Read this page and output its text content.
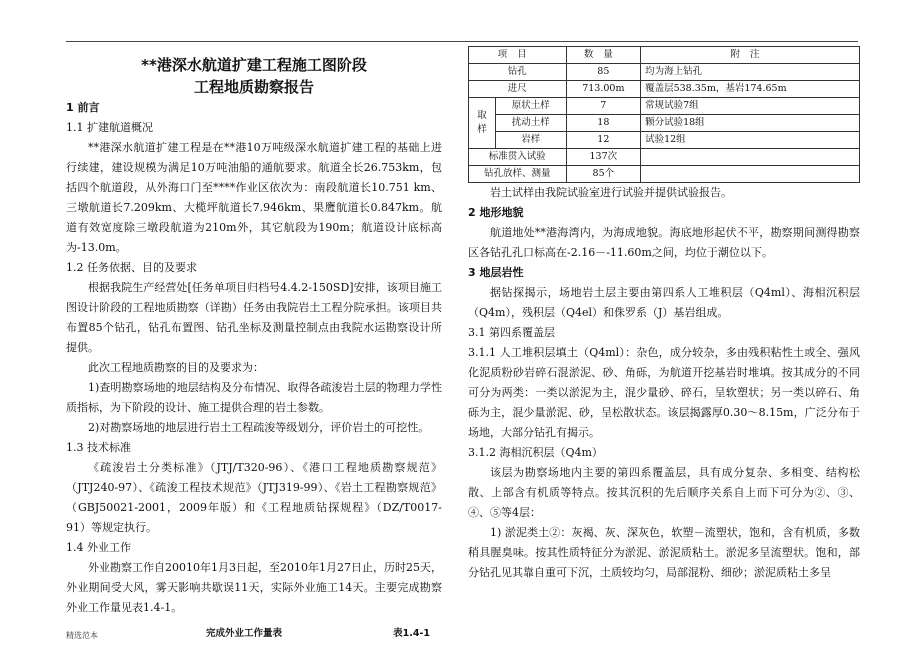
**港深水航道扩建工程施工图阶段
工程地质勘察报告

1 前言

1.1 扩建航道概况

**港深水航道扩建工程是在**港10万吨级深水航道扩建工程的基础上进行续建，建设规模为满足10万吨油船的通航要求。航道全长26.753km，包括四个航道段，从外海口门至****作业区依次为：南段航道长10.751 km、三墩航道长7.209km、大榄坪航道长7.946km、果鹰航道长0.847km。航道有效宽度除三墩段航道为210m外，其它航段为190m；航道设计底标高为-13.0m。

1.2 任务依据、目的及要求

根据我院生产经营处[任务单项目归档号4.4.2-150SD]安排，该项目施工图设计阶段的工程地质勘察（详勘）任务由我院岩土工程分院承担。该项目共布置85个钻孔，钻孔布置图、钻孔坐标及测量控制点由我院水运勘察设计所提供。

此次工程地质勘察的目的及要求为：

1)查明勘察场地的地层结构及分布情况、取得各疏浚岩土层的物理力学性质指标，为下阶段的设计、施工提供合理的岩土参数。

2)对勘察场地的地层进行岩土工程疏浚等级划分，评价岩土的可挖性。

1.3 技术标准

《疏浚岩土分类标准》（JTJ/T320-96）、《港口工程地质勘察规范》（JTJ240-97）、《疏浚工程技术规范》（JTJ319-99）、《岩土工程勘察规范》（GBJ50021-2001，2009年版）和《工程地质钻探规程》（DZ/T0017-91）等规定执行。

1.4 外业工作

外业勘察工作自20010年1月3日起，至2010年1月27日止，历时25天，外业期间受大风，雾天影响共歇误11天，实际外业施工14天。主要完成勘察外业工作量见表1.4-1。

完成外业工作量表	表1.4-1
项目		数量	附注
钻孔		85	均为海上钻孔
进尺		713.00m	覆盖层538.35m，基岩174.65m
取样	原状土样	7	常规试验7组
	扰动土样	18	颗分试验18组
	岩样	12	试验12组
标准贯入试验		137次	
钻孔放样、测量		85个	

岩土试样由我院试验室进行试验并提供试验报告。

2 地形地貌

航道地处**港海湾内，为海成地貌。海底地形起伏不平，勘察期间测得勘察区各钻孔孔口标高在-2.16－-11.60m之间，均位于潮位以下。

3 地层岩性

据钻探揭示，场地岩土层主要由第四系人工堆积层（Q4ml）、海相沉积层（Q4m），残积层（Q4el）和侏罗系（J）基岩组成。

3.1 第四系覆盖层

3.1.1 人工堆积层填土（Q4ml）：杂色，成分较杂，多由残积粘性土或全、强风化泥质粉砂岩碎石混淤泥、砂、角砾，为航道开挖基岩时堆填。按其成分的不同可分为两类：一类以淤泥为主，混少量砂、碎石，呈软塑状；另一类以碎石、角砾为主，混少量淤泥、砂，呈松散状态。该层揭露厚0.30～8.15m，广泛分布于场地，大部分钻孔有揭示。

3.1.2 海相沉积层（Q4m）

该层为勘察场地内主要的第四系覆盖层，具有成分复杂、多相变、结构松散、上部含有机质等特点。按其沉积的先后顺序关系自上而下可分为②、③、④、⑤等4层：

1) 淤泥类土②：灰褐、灰、深灰色，软塑－流塑状，饱和，含有机质，多数稍具腥臭味。按其性质特征分为淤泥、淤泥质粘土。淤泥多呈流塑状。饱和，部分钻孔见其靠自重可下沉，土质较均匀，局部混粉、细砂；淤泥质粘土多呈

精选范本
